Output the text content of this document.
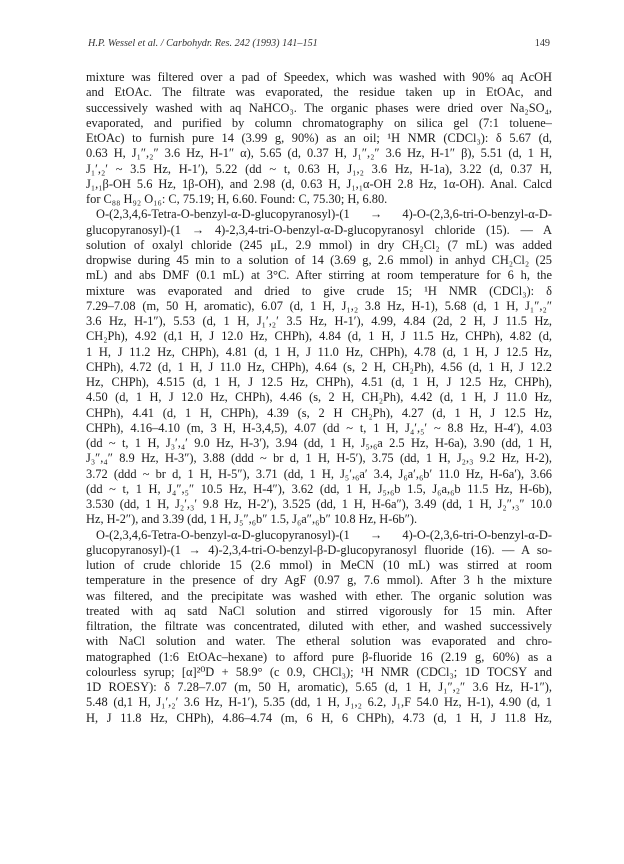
H.P. Wessel et al. / Carbohydr. Res. 242 (1993) 141–151	149
mixture was filtered over a pad of Speedex, which was washed with 90% aq AcOH
and EtOAc. The filtrate was evaporated, the residue taken up in EtOAc, and
successively washed with aq NaHCO₃. The organic phases were dried over Na₂SO₄,
evaporated, and purified by column chromatography on silica gel (7:1 toluene–
EtOAc) to furnish pure 14 (3.99 g, 90%) as an oil; ¹H NMR (CDCl₃): δ 5.67 (d,
0.63 H, J₁″,₂″ 3.6 Hz, H-1″ α), 5.65 (d, 0.37 H, J₁″,₂″ 3.6 Hz, H-1″ β), 5.51 (d, 1 H,
J₁′,₂′ ~ 3.5 Hz, H-1′), 5.22 (dd ~ t, 0.63 H, J₁,₂ 3.6 Hz, H-1a), 3.22 (d, 0.37 H,
J₁,₁β-OH 5.6 Hz, 1β-OH), and 2.98 (d, 0.63 H, J₁,₁α-OH 2.8 Hz, 1α-OH). Anal. Calcd
for C₈₈ H₉₂ O₁₆: C, 75.19; H, 6.60. Found: C, 75.30; H, 6.80.
O-(2,3,4,6-Tetra-O-benzyl-α-D-glucopyranosyl)-(1 → 4)-O-(2,3,6-tri-O-benzyl-α-D-
glucopyranosyl)-(1 → 4)-2,3,4-tri-O-benzyl-α-D-glucopyranosyl chloride (15). — A
solution of oxalyl chloride (245 μL, 2.9 mmol) in dry CH₂Cl₂ (7 mL) was added
dropwise during 45 min to a solution of 14 (3.69 g, 2.6 mmol) in anhyd CH₂Cl₂ (25
mL) and abs DMF (0.1 mL) at 3°C. After stirring at room temperature for 6 h, the
mixture was evaporated and dried to give crude 15; ¹H NMR (CDCl₃): δ
7.29–7.08 (m, 50 H, aromatic), 6.07 (d, 1 H, J₁,₂ 3.8 Hz, H-1), 5.68 (d, 1 H, J₁″,₂″
3.6 Hz, H-1″), 5.53 (d, 1 H, J₁′,₂′ 3.5 Hz, H-1′), 4.99, 4.84 (2d, 2 H, J 11.5 Hz,
CH₂Ph), 4.92 (d,1 H, J 12.0 Hz, CHPh), 4.84 (d, 1 H, J 11.5 Hz, CHPh), 4.82 (d,
1 H, J 11.2 Hz, CHPh), 4.81 (d, 1 H, J 11.0 Hz, CHPh), 4.78 (d, 1 H, J 12.5 Hz,
CHPh), 4.72 (d, 1 H, J 11.0 Hz, CHPh), 4.64 (s, 2 H, CH₂Ph), 4.56 (d, 1 H, J 12.2
Hz, CHPh), 4.515 (d, 1 H, J 12.5 Hz, CHPh), 4.51 (d, 1 H, J 12.5 Hz, CHPh),
4.50 (d, 1 H, J 12.0 Hz, CHPh), 4.46 (s, 2 H, CH₂Ph), 4.42 (d, 1 H, J 11.0 Hz,
CHPh), 4.41 (d, 1 H, CHPh), 4.39 (s, 2 H CH₂Ph), 4.27 (d, 1 H, J 12.5 Hz,
CHPh), 4.16–4.10 (m, 3 H, H-3,4,5), 4.07 (dd ~ t, 1 H, J₄′,₅′ ~ 8.8 Hz, H-4′), 4.03
(dd ~ t, 1 H, J₃′,₄′ 9.0 Hz, H-3′), 3.94 (dd, 1 H, J₅,₆a 2.5 Hz, H-6a), 3.90 (dd, 1 H,
J₃″,₄″ 8.9 Hz, H-3″), 3.88 (ddd ~ br d, 1 H, H-5′), 3.75 (dd, 1 H, J₂,₃ 9.2 Hz, H-2),
3.72 (ddd ~ br d, 1 H, H-5″), 3.71 (dd, 1 H, J₅′,₆a′ 3.4, J₆a′,₆b′ 11.0 Hz, H-6a′), 3.66
(dd ~ t, 1 H, J₄″,₅″ 10.5 Hz, H-4″), 3.62 (dd, 1 H, J₅,₆b 1.5, J₆a,₆b 11.5 Hz, H-6b),
3.530 (dd, 1 H, J₂′,₃′ 9.8 Hz, H-2′), 3.525 (dd, 1 H, H-6a″), 3.49 (dd, 1 H, J₂″,₃″ 10.0
Hz, H-2″), and 3.39 (dd, 1 H, J₅″,₆b″ 1.5, J₆a″,₆b″ 10.8 Hz, H-6b″).
O-(2,3,4,6-Tetra-O-benzyl-α-D-glucopyranosyl)-(1 → 4)-O-(2,3,6-tri-O-benzyl-α-D-
glucopyranosyl)-(1 → 4)-2,3,4-tri-O-benzyl-β-D-glucopyranosyl fluoride (16). — A so-
lution of crude chloride 15 (2.6 mmol) in MeCN (10 mL) was stirred at room
temperature in the presence of dry AgF (0.97 g, 7.6 mmol). After 3 h the mixture
was filtered, and the precipitate was washed with ether. The organic solution was
treated with aq satd NaCl solution and stirred vigorously for 15 min. After
filtration, the filtrate was concentrated, diluted with ether, and washed successively
with NaCl solution and water. The etheral solution was evaporated and chro-
matographed (1:6 EtOAc–hexane) to afford pure β-fluoride 16 (2.19 g, 60%) as a
colourless syrup; [α]²⁰D + 58.9° (c 0.9, CHCl₃); ¹H NMR (CDCl₃; 1D TOCSY and
1D ROESY): δ 7.28–7.07 (m, 50 H, aromatic), 5.65 (d, 1 H, J₁″,₂″ 3.6 Hz, H-1″),
5.48 (d,1 H, J₁′,₂′ 3.6 Hz, H-1′), 5.35 (dd, 1 H, J₁,₂ 6.2, J₁,F 54.0 Hz, H-1), 4.90 (d, 1
H, J 11.8 Hz, CHPh), 4.86–4.74 (m, 6 H, 6 CHPh), 4.73 (d, 1 H, J 11.8 Hz,
